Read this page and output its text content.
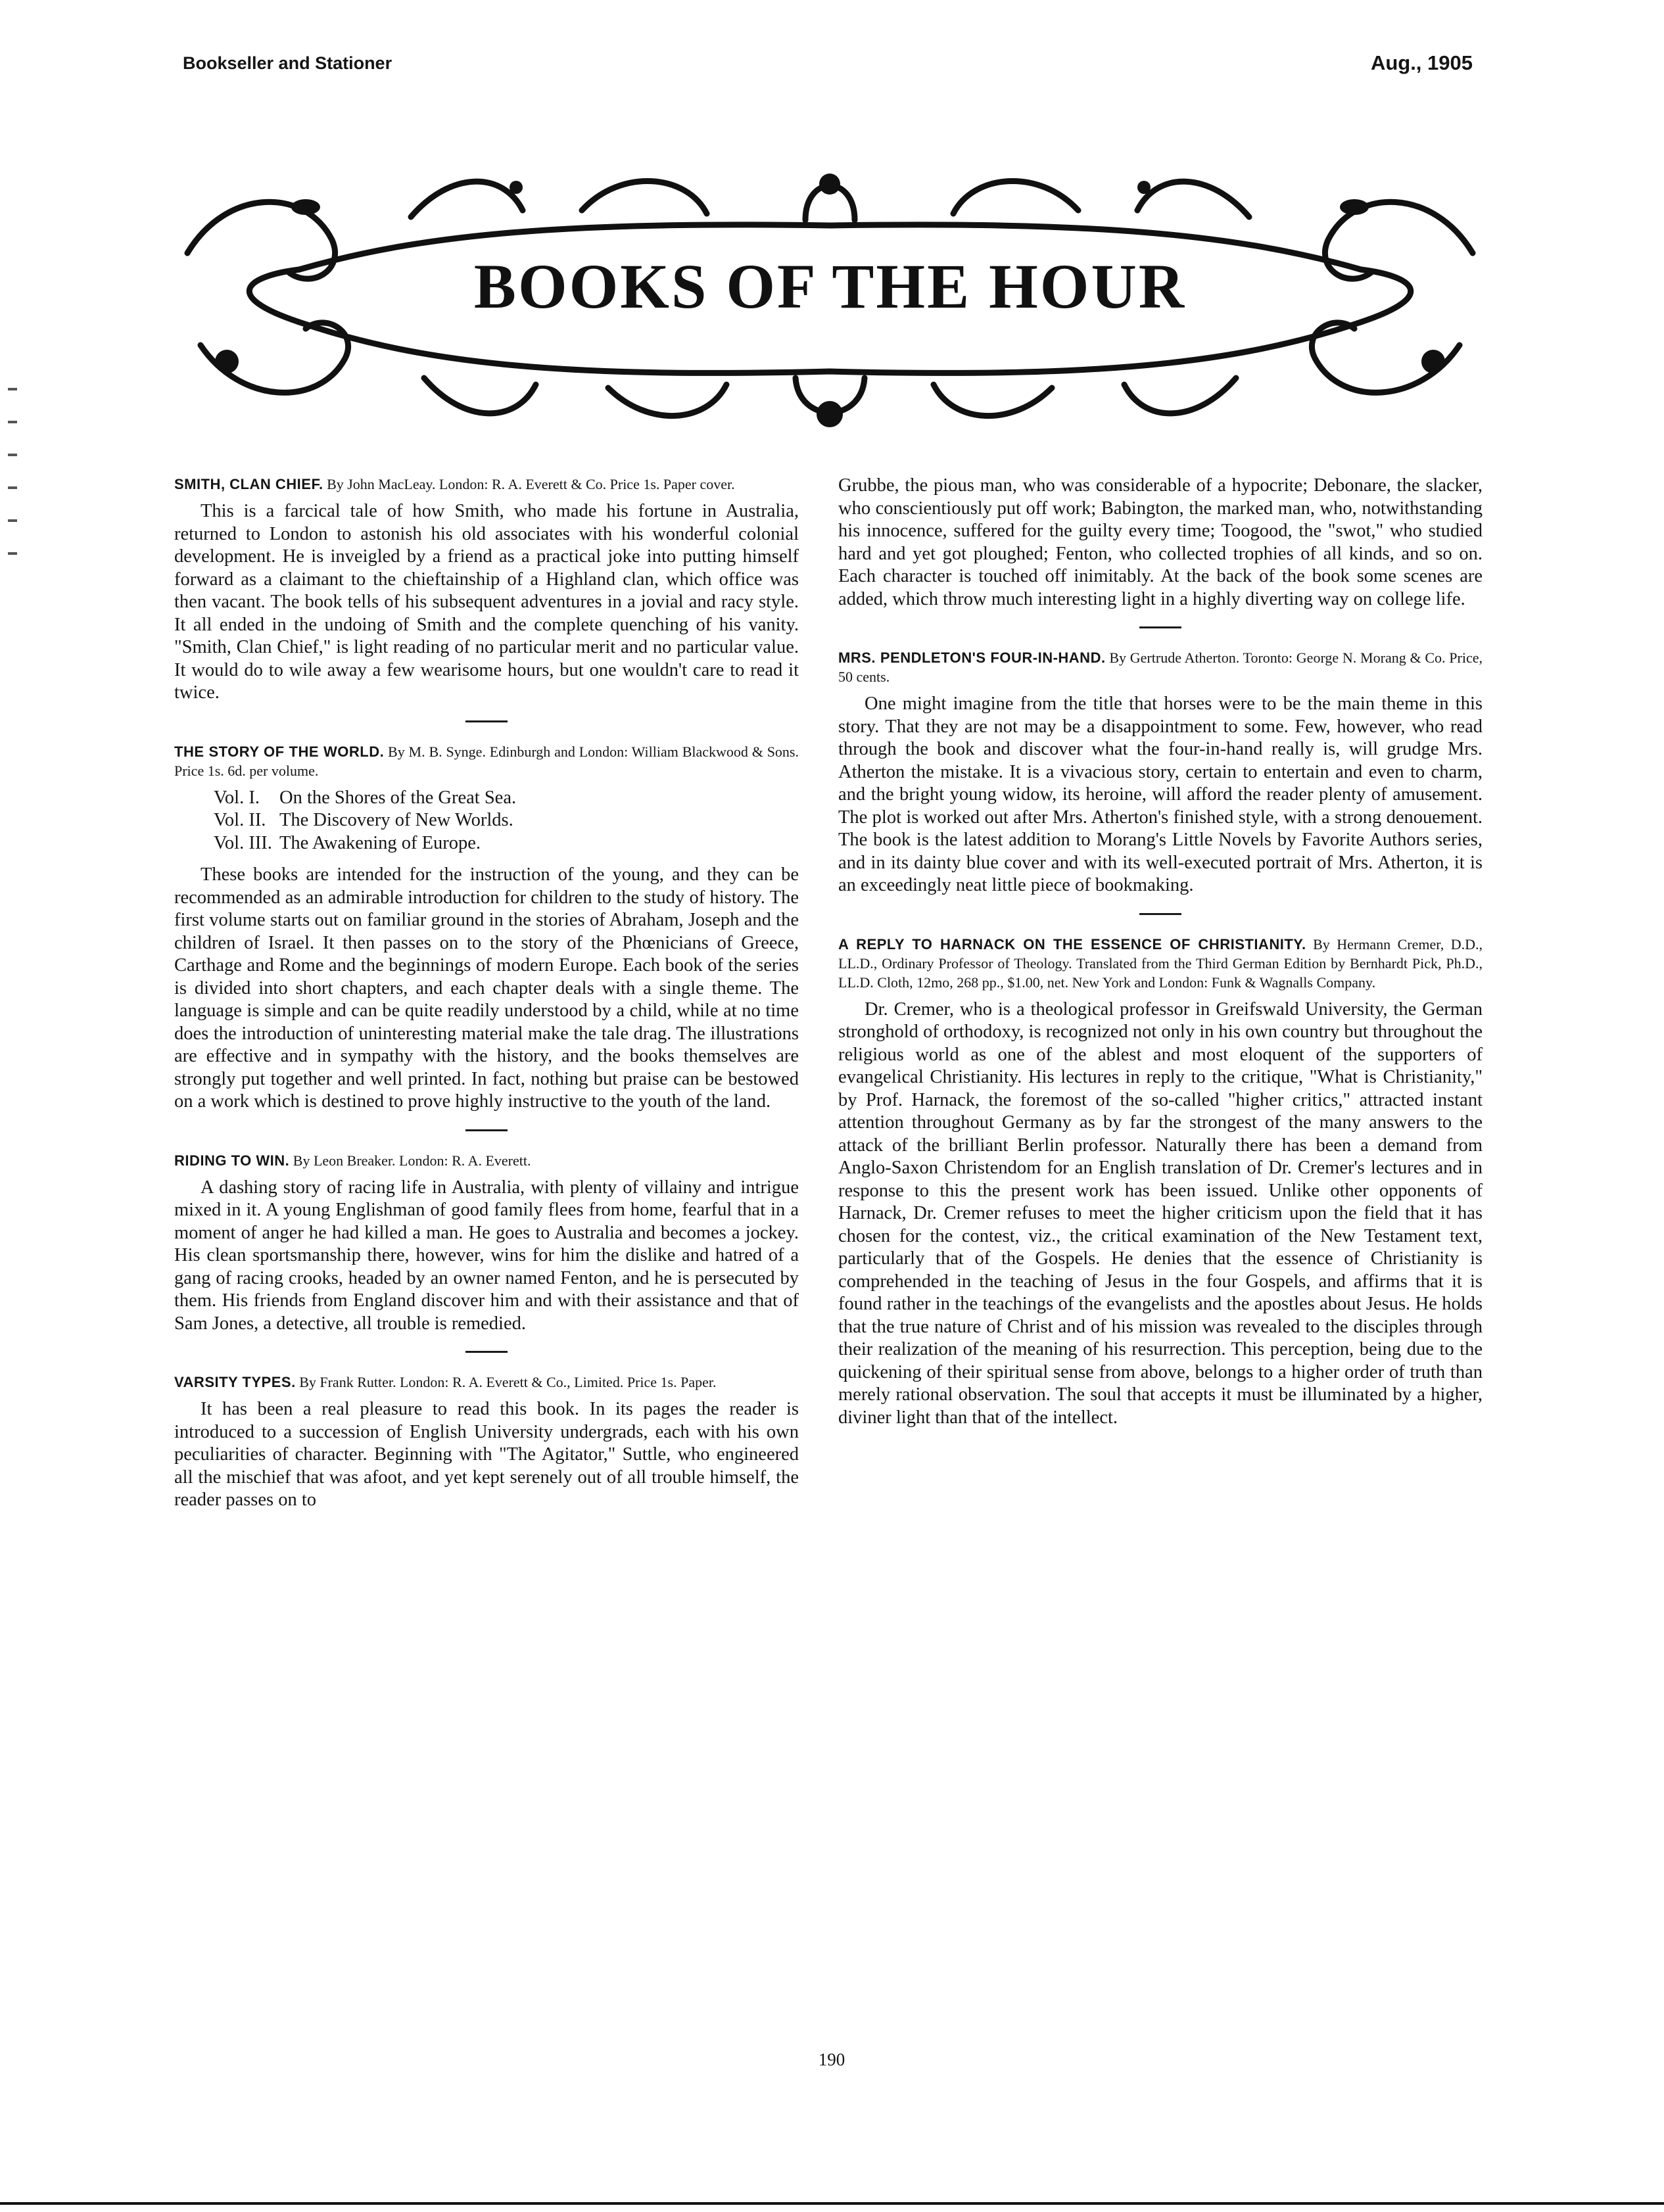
Bookseller and Stationer	Aug., 1905
BOOKS OF THE HOUR

SMITH, CLAN CHIEF. By John MacLeay. London: R. A. Everett & Co. Price 1s. Paper cover.

This is a farcical tale of how Smith, who made his fortune in Australia, returned to London to astonish his old associates with his wonderful colonial development. He is inveigled by a friend as a practical joke into putting himself forward as a claimant to the chieftainship of a Highland clan, which office was then vacant. The book tells of his subsequent adventures in a jovial and racy style. It all ended in the undoing of Smith and the complete quenching of his vanity. "Smith, Clan Chief," is light reading of no particular merit and no particular value. It would do to wile away a few wearisome hours, but one wouldn't care to read it twice.

THE STORY OF THE WORLD. By M. B. Synge. Edinburgh and London: William Blackwood & Sons. Price 1s. 6d. per volume.

Vol. I. On the Shores of the Great Sea.
Vol. II. The Discovery of New Worlds.
Vol. III. The Awakening of Europe.

These books are intended for the instruction of the young, and they can be recommended as an admirable introduction for children to the study of history. The first volume starts out on familiar ground in the stories of Abraham, Joseph and the children of Israel. It then passes on to the story of the Phœnicians of Greece, Carthage and Rome and the beginnings of modern Europe. Each book of the series is divided into short chapters, and each chapter deals with a single theme. The language is simple and can be quite readily understood by a child, while at no time does the introduction of uninteresting material make the tale drag. The illustrations are effective and in sympathy with the history, and the books themselves are strongly put together and well printed. In fact, nothing but praise can be bestowed on a work which is destined to prove highly instructive to the youth of the land.

RIDING TO WIN. By Leon Breaker. London: R. A. Everett.

A dashing story of racing life in Australia, with plenty of villainy and intrigue mixed in it. A young Englishman of good family flees from home, fearful that in a moment of anger he had killed a man. He goes to Australia and becomes a jockey. His clean sportsmanship there, however, wins for him the dislike and hatred of a gang of racing crooks, headed by an owner named Fenton, and he is persecuted by them. His friends from England discover him and with their assistance and that of Sam Jones, a detective, all trouble is remedied.

VARSITY TYPES. By Frank Rutter. London: R. A. Everett & Co., Limited. Price 1s. Paper.

It has been a real pleasure to read this book. In its pages the reader is introduced to a succession of English University undergrads, each with his own peculiarities of character. Beginning with "The Agitator," Suttle, who engineered all the mischief that was afoot, and yet kept serenely out of all trouble himself, the reader passes on to

Grubbe, the pious man, who was considerable of a hypocrite; Debonare, the slacker, who conscientiously put off work; Babington, the marked man, who, notwithstanding his innocence, suffered for the guilty every time; Toogood, the "swot," who studied hard and yet got ploughed; Fenton, who collected trophies of all kinds, and so on. Each character is touched off inimitably. At the back of the book some scenes are added, which throw much interesting light in a highly diverting way on college life.

MRS. PENDLETON'S FOUR-IN-HAND. By Gertrude Atherton. Toronto: George N. Morang & Co. Price, 50 cents.

One might imagine from the title that horses were to be the main theme in this story. That they are not may be a disappointment to some. Few, however, who read through the book and discover what the four-in-hand really is, will grudge Mrs. Atherton the mistake. It is a vivacious story, certain to entertain and even to charm, and the bright young widow, its heroine, will afford the reader plenty of amusement. The plot is worked out after Mrs. Atherton's finished style, with a strong denouement. The book is the latest addition to Morang's Little Novels by Favorite Authors series, and in its dainty blue cover and with its well-executed portrait of Mrs. Atherton, it is an exceedingly neat little piece of bookmaking.

A REPLY TO HARNACK ON THE ESSENCE OF CHRISTIANITY. By Hermann Cremer, D.D., LL.D., Ordinary Professor of Theology. Translated from the Third German Edition by Bernhardt Pick, Ph.D., LL.D. Cloth, 12mo, 268 pp., $1.00, net. New York and London: Funk & Wagnalls Company.

Dr. Cremer, who is a theological professor in Greifswald University, the German stronghold of orthodoxy, is recognized not only in his own country but throughout the religious world as one of the ablest and most eloquent of the supporters of evangelical Christianity. His lectures in reply to the critique, "What is Christianity," by Prof. Harnack, the foremost of the so-called "higher critics," attracted instant attention throughout Germany as by far the strongest of the many answers to the attack of the brilliant Berlin professor. Naturally there has been a demand from Anglo-Saxon Christendom for an English translation of Dr. Cremer's lectures and in response to this the present work has been issued. Unlike other opponents of Harnack, Dr. Cremer refuses to meet the higher criticism upon the field that it has chosen for the contest, viz., the critical examination of the New Testament text, particularly that of the Gospels. He denies that the essence of Christianity is comprehended in the teaching of Jesus in the four Gospels, and affirms that it is found rather in the teachings of the evangelists and the apostles about Jesus. He holds that the true nature of Christ and of his mission was revealed to the disciples through their realization of the meaning of his resurrection. This perception, being due to the quickening of their spiritual sense from above, belongs to a higher order of truth than merely rational observation. The soul that accepts it must be illuminated by a higher, diviner light than that of the intellect.

190
